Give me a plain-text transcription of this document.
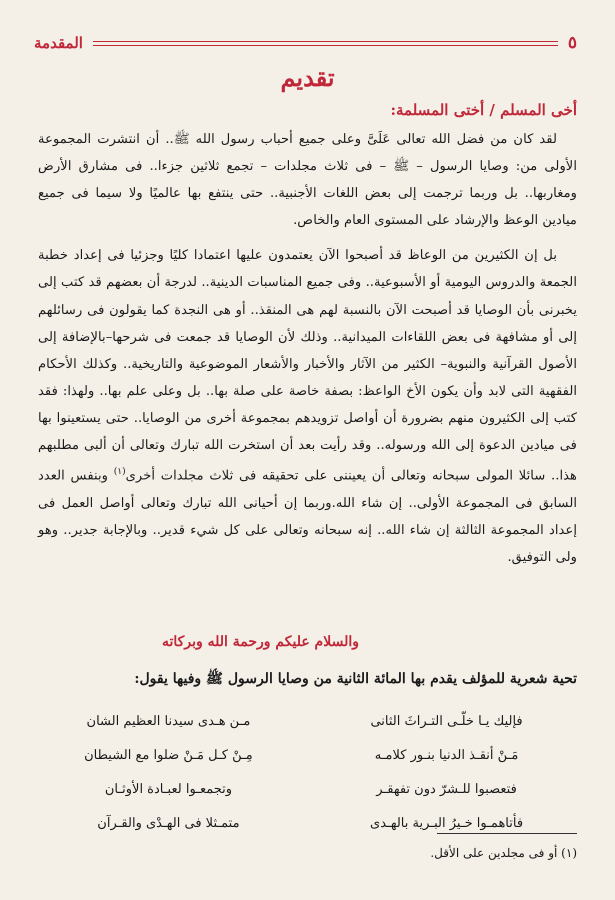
٥
المقدمة
تقديم
أخى المسلم / أختى المسلمة:

لقد كان من فضل الله تعالى عَلَىَّ وعلى جميع أحباب رسول الله ﷺ.. أن انتشرت المجموعة الأولى من: وصايا الرسول – ﷺ – فى ثلاث مجلدات – تجمع ثلاثين جزءا.. فى مشارق الأرض ومغاربها.. بل وربما ترجمت إلى بعض اللغات الأجنبية.. حتى ينتفع بها عالميًا ولا سيما فى جميع ميادين الوعظ والإرشاد على المستوى العام والخاص.

بل إن الكثيرين من الوعاظ قد أصبحوا الآن يعتمدون عليها اعتمادا كليًا وجزئيا فى إعداد خطبة الجمعة والدروس اليومية أو الأسبوعية.. وفى جميع المناسبات الدينية.. لدرجة أن بعضهم قد كتب إلى يخبرنى بأن الوصايا قد أصبحت الآن بالنسبة لهم هى المنقذ.. أو هى النجدة كما يقولون فى رسائلهم إلى أو مشافهة فى بعض اللقاءات الميدانية.. وذلك لأن الوصايا قد جمعت فى شرحها–بالإضافة إلى الأصول القرآنية والنبوية– الكثير من الآثار والأخبار والأشعار الموضوعية والتاريخية.. وكذلك الأحكام الفقهية التى لابد وأن يكون الأخ الواعظ: بصفة خاصة على صلة بها.. بل وعلى علم بها.. ولهذا: فقد كتب إلى الكثيرون منهم بضرورة أن أواصل تزويدهم بمجموعة أخرى من الوصايا.. حتى يستعينوا بها فى ميادين الدعوة إلى الله ورسوله.. وقد رأيت بعد أن استخرت الله تبارك وتعالى أن ألبى مطلبهم هذا.. سائلا المولى سبحانه وتعالى أن يعيننى على تحقيقه فى ثلاث مجلدات أخرى$^{(١)}$ وبنفس العدد السابق فى المجموعة الأولى.. إن شاء الله.وربما إن أحيانى الله تبارك وتعالى أواصل العمل فى إعداد المجموعة الثالثة إن شاء الله.. إنه سبحانه وتعالى على كل شيء قدير.. وبالإجابة جدير.. وهو ولى التوفيق.

والسلام عليكم ورحمة الله وبركاته
تحية شعرية للمؤلف يقدم بها المائة الثانية من وصايا الرسول ﷺ وفيها يقول:
فإليك يـا خلّـى التـراثَ الثانى
مـن هـدى سيدنا العظيم الشان
مَـنْ أنقـذ الدنيا بنـور كلامـه
مِـنْ كـل مَـنْ ضلوا مع الشيطان
فتعصبوا للـشرّ دون تفهقـر
وتجمعـوا لعبـادة الأوثـان
فأتاهمـوا خـيرُ البـرية بالهـدى
متمـثلا فى الهـدْى والقـرآن
(١) أو فى مجلدين على الأقل.
